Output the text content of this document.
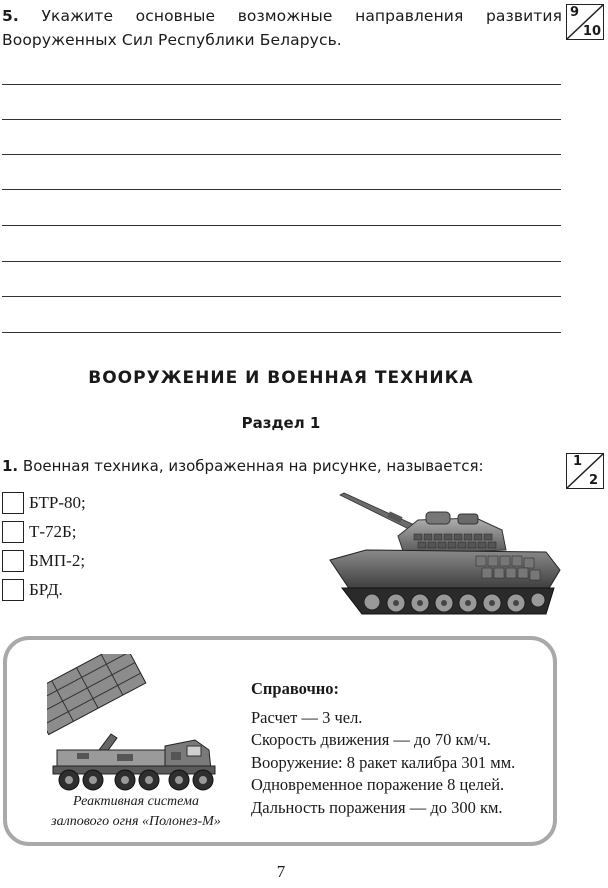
5. Укажите основные возможные направления развития Вооруженных Сил Республики Беларусь.
9
10
ВООРУЖЕНИЕ И ВОЕННАЯ ТЕХНИКА
Раздел 1
1. Военная техника, изображенная на рисунке, называется:	1
2
БТР-80;
Т-72Б;
БМП-2;
БРД.
Реактивная система
залпового огня «Полонез-М»
Справочно:
Расчет — 3 чел.
Скорость движения — до 70 км/ч.
Вооружение: 8 ракет калибра 301 мм.
Одновременное поражение 8 целей.
Дальность поражения — до 300 км.
7
